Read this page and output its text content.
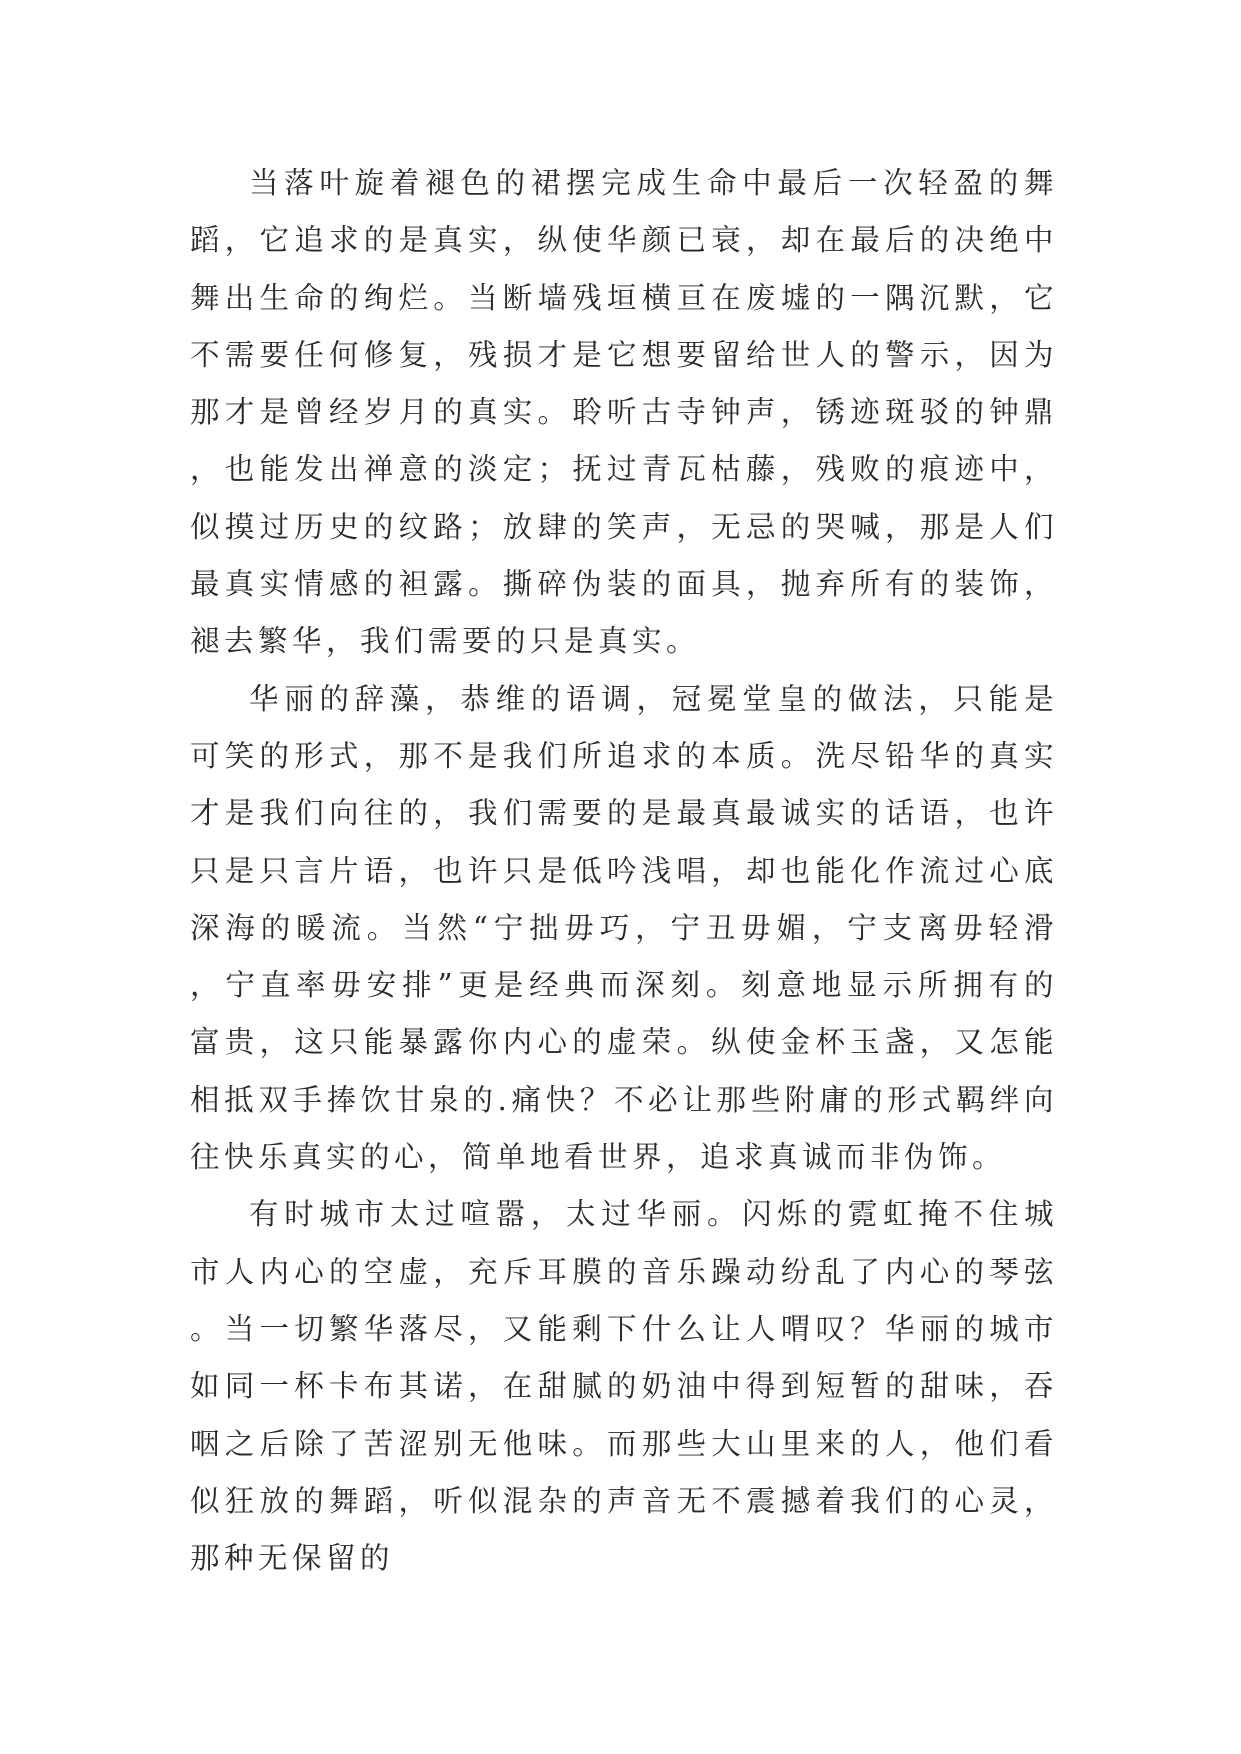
当落叶旋着褪色的裙摆完成生命中最后一次轻盈的舞蹈，它追求的是真实，纵使华颜已衰，却在最后的决绝中舞出生命的绚烂。当断墙残垣横亘在废墟的一隅沉默，它不需要任何修复，残损才是它想要留给世人的警示，因为那才是曾经岁月的真实。聆听古寺钟声，锈迹斑驳的钟鼎，也能发出禅意的淡定；抚过青瓦枯藤，残败的痕迹中，似摸过历史的纹路；放肆的笑声，无忌的哭喊，那是人们最真实情感的袒露。撕碎伪装的面具，抛弃所有的装饰，褪去繁华，我们需要的只是真实。

华丽的辞藻，恭维的语调，冠冕堂皇的做法，只能是可笑的形式，那不是我们所追求的本质。洗尽铅华的真实才是我们向往的，我们需要的是最真最诚实的话语，也许只是只言片语，也许只是低吟浅唱，却也能化作流过心底深海的暖流。当然“宁拙毋巧，宁丑毋媚，宁支离毋轻滑，宁直率毋安排”更是经典而深刻。刻意地显示所拥有的富贵，这只能暴露你内心的虚荣。纵使金杯玉盏，又怎能相抵双手捧饮甘泉的.痛快？不必让那些附庸的形式羁绊向往快乐真实的心，简单地看世界，追求真诚而非伪饰。

有时城市太过喧嚣，太过华丽。闪烁的霓虹掩不住城市人内心的空虚，充斥耳膜的音乐躁动纷乱了内心的琴弦。当一切繁华落尽，又能剩下什么让人喟叹？华丽的城市如同一杯卡布其诺，在甜腻的奶油中得到短暂的甜味，吞咽之后除了苦涩别无他味。而那些大山里来的人，他们看似狂放的舞蹈，听似混杂的声音无不震撼着我们的心灵，那种无保留的
